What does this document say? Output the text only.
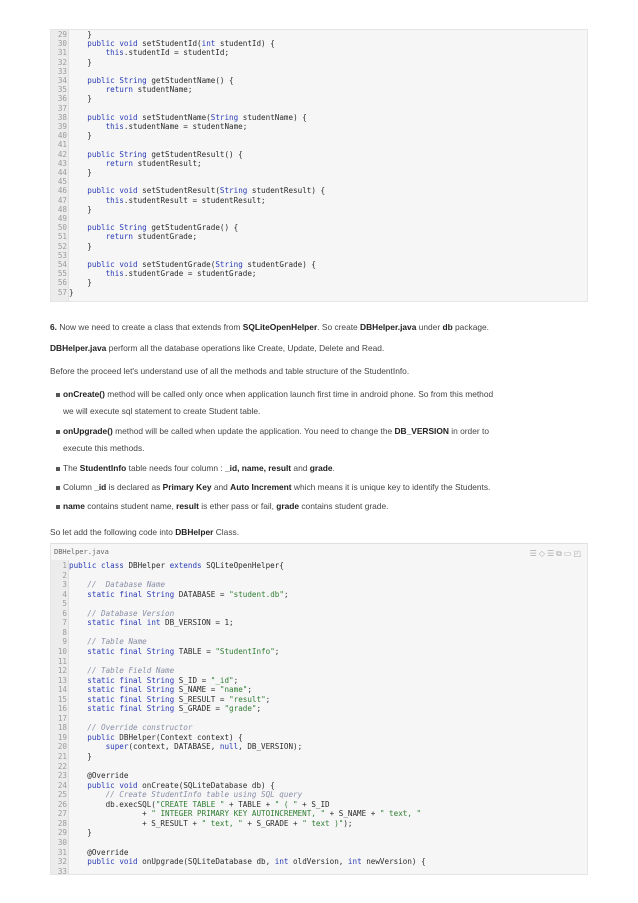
29 }
30	public void setStudentId(int studentId) {
31	this.studentId = studentId;
32 }
33
34	public String getStudentName() {
35	return studentName;
36 }
37
38	public void setStudentName(String studentName) {
39	this.studentName = studentName;
40 }
41
42	public String getStudentResult() {
43	return studentResult;
44 }
45
46	public void setStudentResult(String studentResult) {
47	this.studentResult = studentResult;
48 }
49
50	public String getStudentGrade() {
51	return studentGrade;
52 }
53
54	public void setStudentGrade(String studentGrade) {
55	this.studentGrade = studentGrade;
56 }
57 }
6. Now we need to create a class that extends from SQLiteOpenHelper. So create DBHelper.java under db package.
DBHelper.java perform all the database operations like Create, Update, Delete and Read.
Before the proceed let's understand use of all the methods and table structure of the StudentInfo.
onCreate() method will be called only once when application launch first time in android phone. So from this method
we will execute sql statement to create Student table.
onUpgrade() method will be called when update the application. You need to change the DB_VERSION in order to
execute this methods.
The StudentInfo table needs four column : _id, name, result and grade.
Column _id is declared as Primary Key and Auto Increment which means it is unique key to identify the Students.
name contains student name, result is ether pass or fail, grade contains student grade.
So let add the following code into DBHelper Class.
1 public class DBHelper extends SQLiteOpenHelper{
2
3	//  Database Name
4	static final String DATABASE = "student.db";
5
6	// Database Version
7	static final int DB_VERSION = 1;
8
9	// Table Name
10	static final String TABLE = "StudentInfo";
11
12	// Table Field Name
13	static final String S_ID = "_id";
14	static final String S_NAME = "name";
15	static final String S_RESULT = "result";
16	static final String S_GRADE = "grade";
17
18	// Override constructor
19	public DBHelper(Context context) {
20	super(context, DATABASE, null, DB_VERSION);
21 }
22
23 @Override
24	public void onCreate(SQLiteDatabase db) {
25	// Create StudentInfo table using SQL query
26 db.execSQL("CREATE TABLE " + TABLE + " ( " + S_ID
27 + " INTEGER PRIMARY KEY AUTOINCREMENT, " + S_NAME + " text, "
28 + S_RESULT + " text, " + S_GRADE + " text )");
29 }
30
31 @Override
32	public void onUpgrade(SQLiteDatabase db, int oldVersion, int newVersion) {
33
DBHelper.java	☰◇☰⧉▭◰
